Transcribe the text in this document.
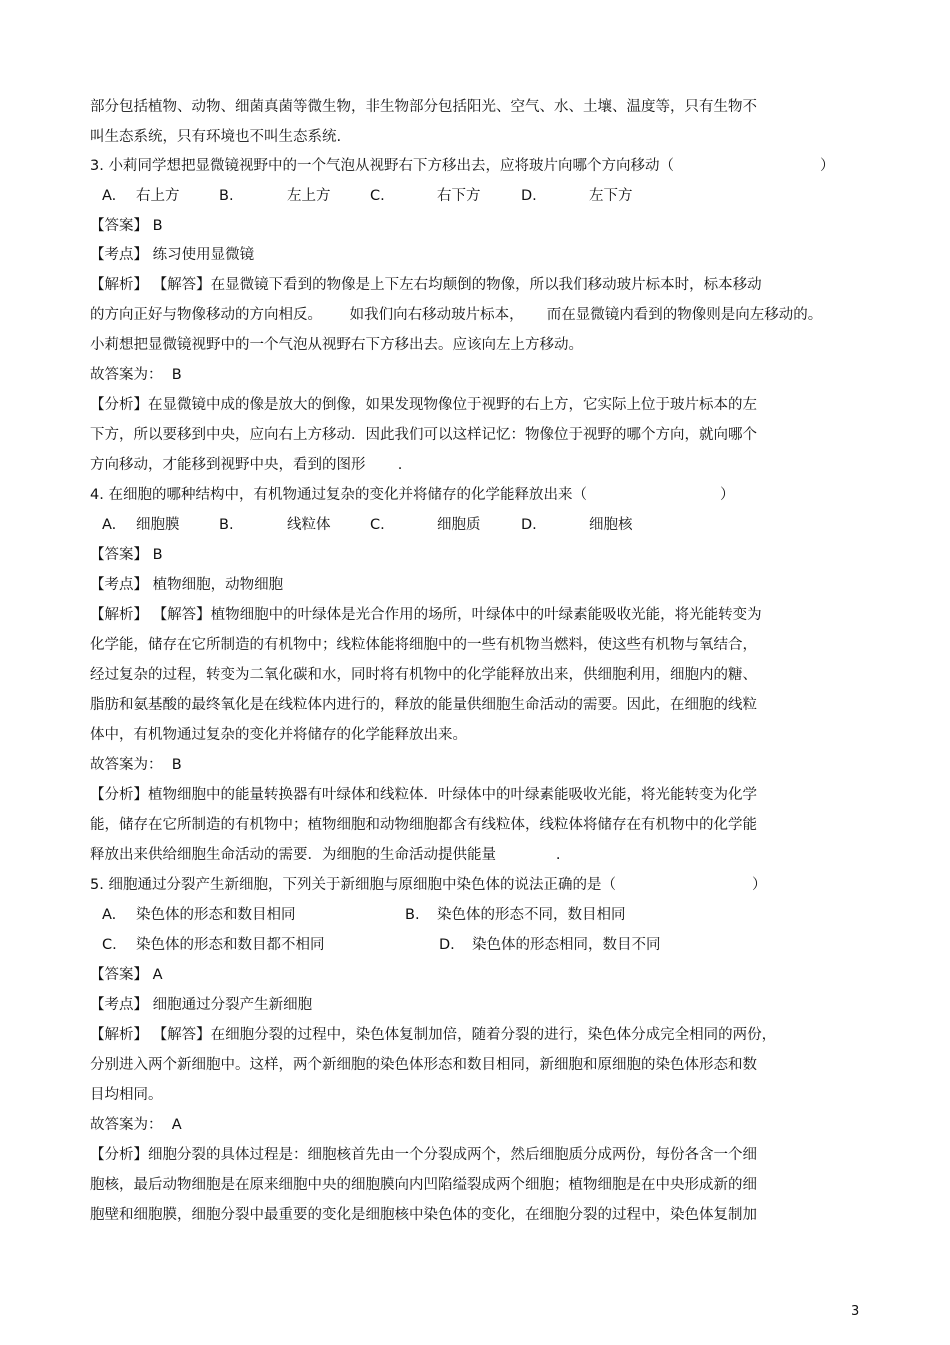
部分包括植物、动物、细菌真菌等微生物，非生物部分包括阳光、空气、水、土壤、温度等，只有生物不
叫生态系统，只有环境也不叫生态系统.
3. 小莉同学想把显微镜视野中的一个气泡从视野右下方移出去，应将玻片向哪个方向移动（	）
A. 右上方	B.	左上方	C.	右下方	D.	左下方
【答案】 B
【考点】 练习使用显微镜
【解析】 【解答】在显微镜下看到的物像是上下左右均颠倒的物像，所以我们移动玻片标本时，标本移动
的方向正好与物像移动的方向相反。      如我们向右移动玻片标本，     而在显微镜内看到的物像则是向左移动的。
小莉想把显微镜视野中的一个气泡从视野右下方移出去。应该向左上方移动。
故答案为：  B
【分析】在显微镜中成的像是放大的倒像，如果发现物像位于视野的右上方，它实际上位于玻片标本的左
下方，所以要移到中央，应向右上方移动．因此我们可以这样记忆：物像位于视野的哪个方向，就向哪个
方向移动，才能移到视野中央，看到的图形       .
4. 在细胞的哪种结构中，有机物通过复杂的变化并将储存的化学能释放出来（	）
A. 细胞膜	B.	线粒体	C.	细胞质	D.	细胞核
【答案】 B
【考点】 植物细胞，动物细胞
【解析】 【解答】植物细胞中的叶绿体是光合作用的场所，叶绿体中的叶绿素能吸收光能，将光能转变为
化学能，储存在它所制造的有机物中；线粒体能将细胞中的一些有机物当燃料，使这些有机物与氧结合，
经过复杂的过程，转变为二氧化碳和水，同时将有机物中的化学能释放出来，供细胞利用，细胞内的糖、
脂肪和氨基酸的最终氧化是在线粒体内进行的，释放的能量供细胞生命活动的需要。因此，在细胞的线粒
体中，有机物通过复杂的变化并将储存的化学能释放出来。
故答案为：  B
【分析】植物细胞中的能量转换器有叶绿体和线粒体．叶绿体中的叶绿素能吸收光能，将光能转变为化学
能，储存在它所制造的有机物中；植物细胞和动物细胞都含有线粒体，线粒体将储存在有机物中的化学能
释放出来供给细胞生命活动的需要．为细胞的生命活动提供能量             .
5. 细胞通过分裂产生新细胞，下列关于新细胞与原细胞中染色体的说法正确的是（	）
A. 染色体的形态和数目相同	B. 染色体的形态不同，数目相同
C. 染色体的形态和数目都不相同	D. 染色体的形态相同，数目不同
【答案】 A
【考点】 细胞通过分裂产生新细胞
【解析】 【解答】在细胞分裂的过程中，染色体复制加倍，随着分裂的进行，染色体分成完全相同的两份，
分别进入两个新细胞中。这样，两个新细胞的染色体形态和数目相同，新细胞和原细胞的染色体形态和数
目均相同。
故答案为：  A
【分析】细胞分裂的具体过程是：细胞核首先由一个分裂成两个，然后细胞质分成两份，每份各含一个细
胞核，最后动物细胞是在原来细胞中央的细胞膜向内凹陷缢裂成两个细胞；植物细胞是在中央形成新的细
胞壁和细胞膜，细胞分裂中最重要的变化是细胞核中染色体的变化，在细胞分裂的过程中，染色体复制加
3
